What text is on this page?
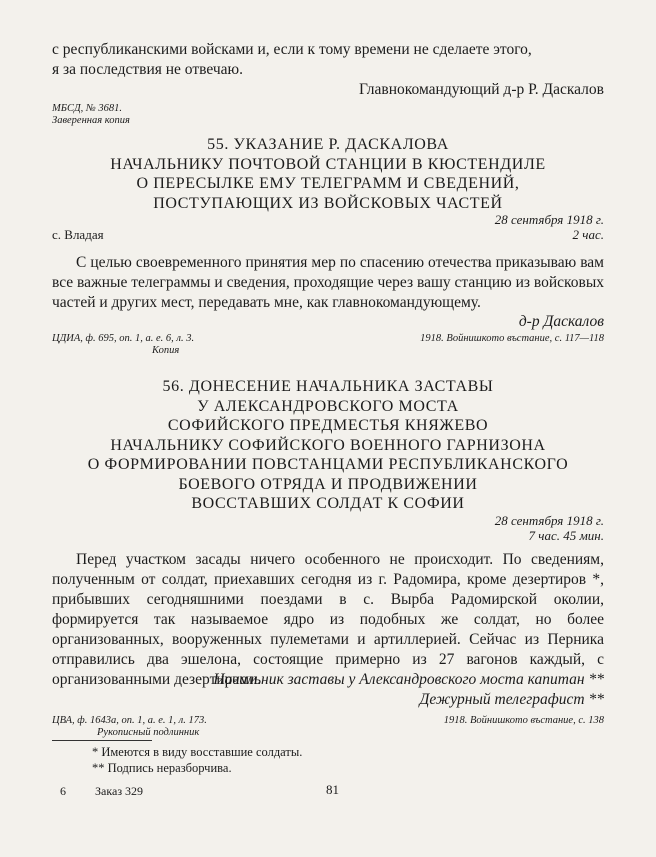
с республиканскими войсками и, если к тому времени не сделаете этого,

я за последствия не отвечаю.

Главнокомандующий д-р Р. Даскалов

МБСД, № 3681.

Заверенная копия

55. УКАЗАНИЕ Р. ДАСКАЛОВА

НАЧАЛЬНИКУ ПОЧТОВОЙ СТАНЦИИ В КЮСТЕНДИЛЕ

О ПЕРЕСЫЛКЕ ЕМУ ТЕЛЕГРАММ И СВЕДЕНИЙ,

ПОСТУПАЮЩИХ ИЗ ВОЙСКОВЫХ ЧАСТЕЙ

28 сентября 1918 г.
с. Владая	2 час.
С целью своевременного принятия мер по спасению отечества приказываю вам все важные телеграммы и сведения, проходящие через вашу станцию из войсковых частей и других мест, передавать мне, как главнокомандующему.
д-р Даскалов

ЦДИА, ф. 695, оп. 1, а. е. 6, л. 3.

Копия

1918. Войнишкото въстание, с. 117—118

56. ДОНЕСЕНИЕ НАЧАЛЬНИКА ЗАСТАВЫ

У АЛЕКСАНДРОВСКОГО МОСТА

СОФИЙСКОГО ПРЕДМЕСТЬЯ КНЯЖЕВО

НАЧАЛЬНИКУ СОФИЙСКОГО ВОЕННОГО ГАРНИЗОНА

О ФОРМИРОВАНИИ ПОВСТАНЦАМИ РЕСПУБЛИКАНСКОГО

БОЕВОГО ОТРЯДА И ПРОДВИЖЕНИИ

ВОССТАВШИХ СОЛДАТ К СОФИИ

28 сентября 1918 г.
7 час. 45 мин.
Перед участком засады ничего особенного не происходит. По сведениям, полученным от солдат, приехавших сегодня из г. Радомира, кроме дезертиров *, прибывших сегодняшними поездами в с. Вырба Радомирской околии, формируется так называемое ядро из подобных же солдат, но более организованных, вооруженных пулеметами и артиллерией. Сейчас из Перника отправились два эшелона, состоящие примерно из 27 вагонов каждый, с организованными дезертирами.

Начальник заставы у Александровского моста капитан **

Дежурный телеграфист **

ЦВА, ф. 1643а, оп. 1, а. е. 1, л. 173.

Рукописный подлинник

1918. Войнишкото въстание, с. 138

* Имеются в виду восставшие солдаты.

** Подпись неразборчива.

6 Заказ 329	81
